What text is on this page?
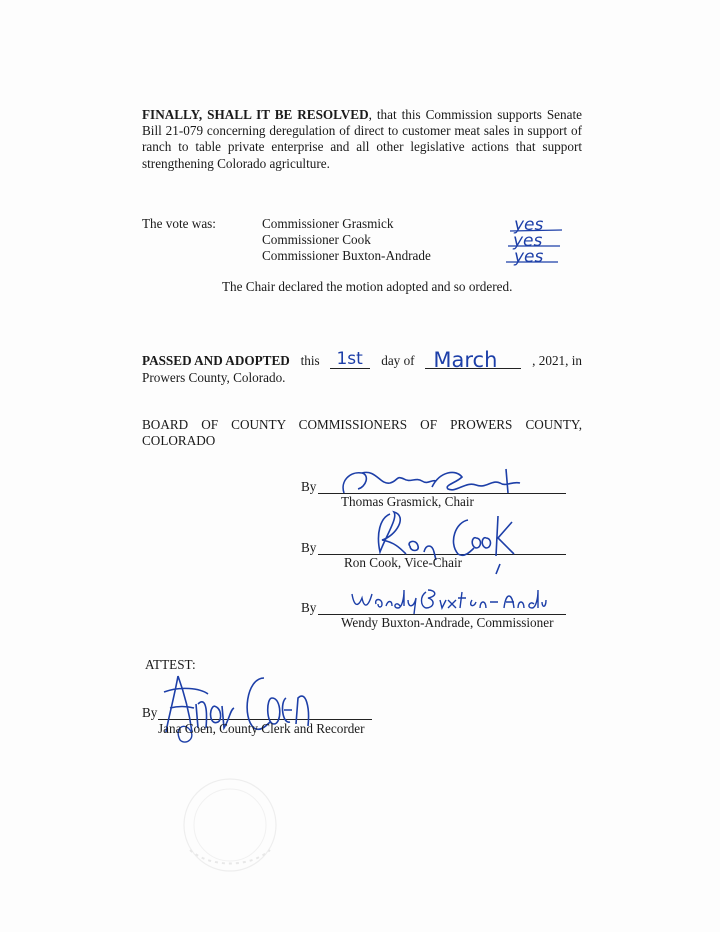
FINALLY, SHALL IT BE RESOLVED, that this Commission supports Senate Bill 21-079 concerning deregulation of direct to customer meat sales in support of ranch to table private enterprise and all other legislative actions that support strengthening Colorado agriculture.
The vote was:	Commissioner Grasmick
Commissioner Cook
Commissioner Buxton-Andrade
yes
yes
yes
The Chair declared the motion adopted and so ordered.
PASSED AND ADOPTED this 1st day of March	, 2021, in
Prowers County, Colorado.
BOARD OF COUNTY COMMISSIONERS OF PROWERS COUNTY,
COLORADO
By
Thomas Grasmick, Chair
By
Ron Cook, Vice-Chair
By
Wendy Buxton-Andrade, Commissioner
ATTEST:
By
Jana Coen, County Clerk and Recorder
